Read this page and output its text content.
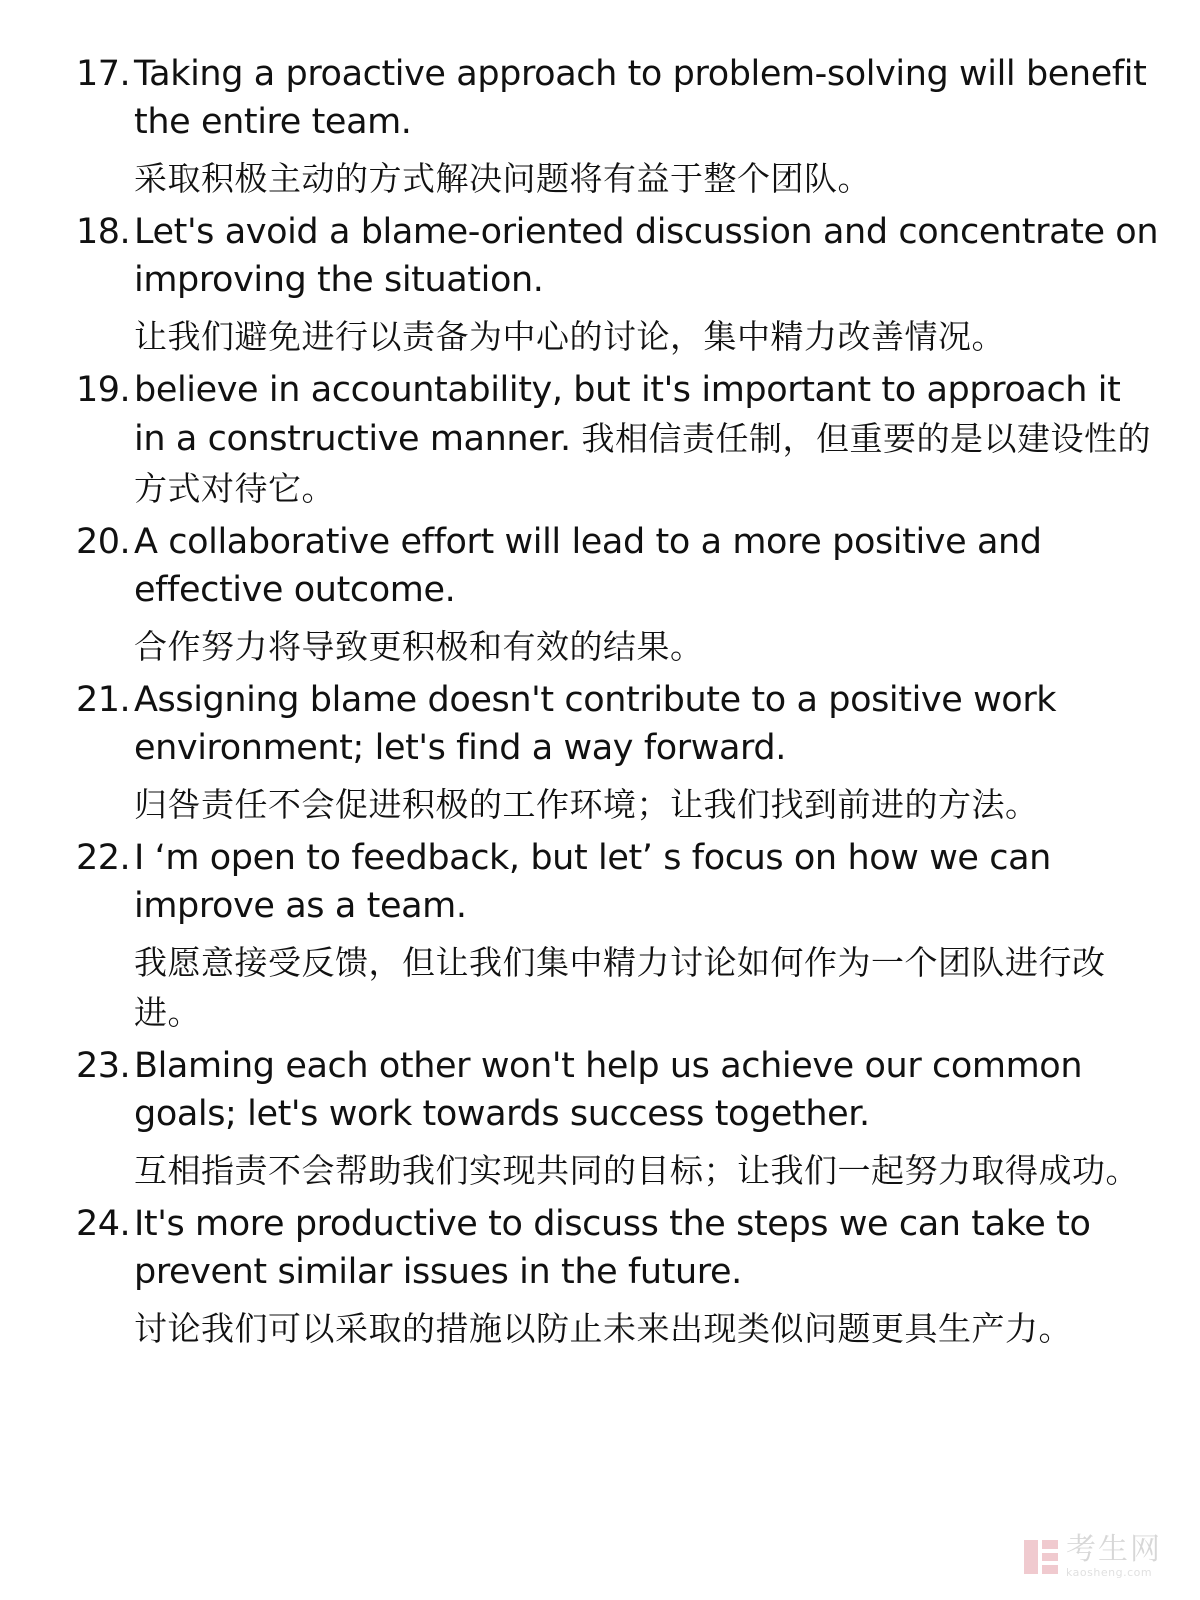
17. Taking a proactive approach to problem-solving will benefit the entire team.
采取积极主动的方式解决问题将有益于整个团队。
18. Let's avoid a blame-oriented discussion and concentrate on improving the situation.
让我们避免进行以责备为中心的讨论，集中精力改善情况。
19. believe in accountability, but it's important to approach it in a constructive manner. 我相信责任制，但重要的是以建设性的方式对待它。
20. A collaborative effort will lead to a more positive and effective outcome.
合作努力将导致更积极和有效的结果。
21. Assigning blame doesn't contribute to a positive work environment; let's find a way forward.
归咎责任不会促进积极的工作环境；让我们找到前进的方法。
22. I ‘m open to feedback, but let’ s focus on how we can improve as a team.
我愿意接受反馈，但让我们集中精力讨论如何作为一个团队进行改进。
23. Blaming each other won't help us achieve our common goals; let's work towards success together.
互相指责不会帮助我们实现共同的目标；让我们一起努力取得成功。
24. It's more productive to discuss the steps we can take to prevent similar issues in the future.
讨论我们可以采取的措施以防止未来出现类似问题更具生产力。
考生网
kaosheng.com
